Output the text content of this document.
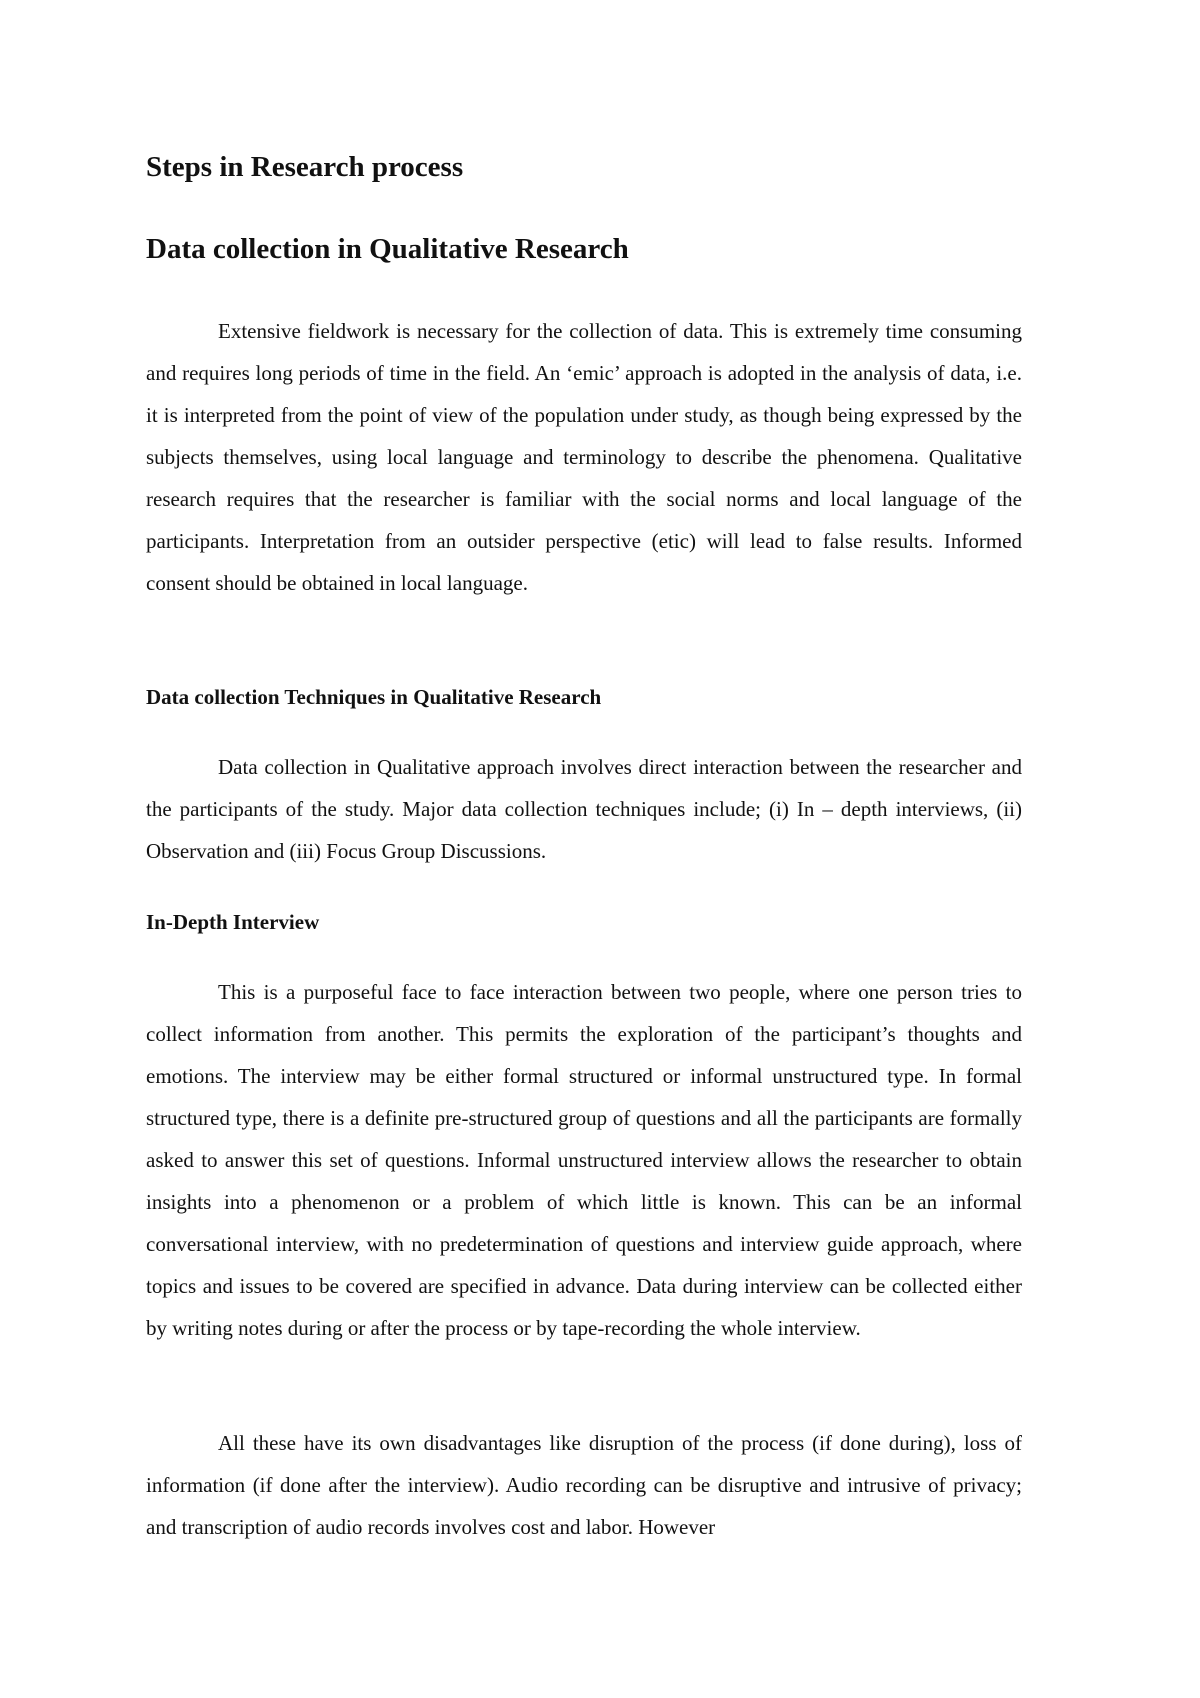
Steps in Research process
Data collection in Qualitative Research

Extensive fieldwork is necessary for the collection of data. This is extremely time consuming and requires long periods of time in the field. An ‘emic’ approach is adopted in the analysis of data, i.e. it is interpreted from the point of view of the population under study, as though being expressed by the subjects themselves, using local language and terminology to describe the phenomena. Qualitative research requires that the researcher is familiar with the social norms and local language of the participants. Interpretation from an outsider perspective (etic) will lead to false results. Informed consent should be obtained in local language.

Data collection Techniques in Qualitative Research

Data collection in Qualitative approach involves direct interaction between the researcher and the participants of the study. Major data collection techniques include; (i) In – depth interviews, (ii) Observation and (iii) Focus Group Discussions.

In-Depth Interview

This is a purposeful face to face interaction between two people, where one person tries to collect information from another. This permits the exploration of the participant’s thoughts and emotions. The interview may be either formal structured or informal unstructured type. In formal structured type, there is a definite pre-structured group of questions and all the participants are formally asked to answer this set of questions. Informal unstructured interview allows the researcher to obtain insights into a phenomenon or a problem of which little is known. This can be an informal conversational interview, with no predetermination of questions and interview guide approach, where topics and issues to be covered are specified in advance. Data during interview can be collected either by writing notes during or after the process or by tape-recording the whole interview.

All these have its own disadvantages like disruption of the process (if done during), loss of information (if done after the interview). Audio recording can be disruptive and intrusive of privacy; and transcription of audio records involves cost and labor. However
